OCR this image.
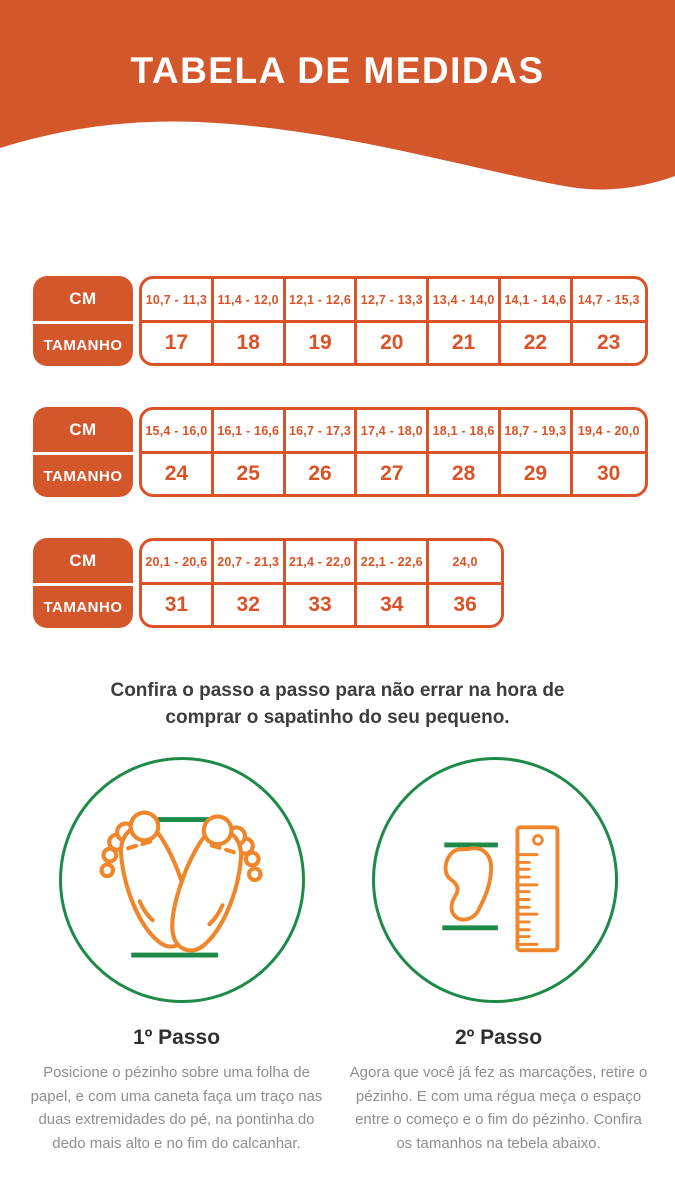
TABELA DE MEDIDAS
CM
TAMANHO
10,7 - 11,3 11,4 - 12,0 12,1 - 12,6 12,7 - 13,3 13,4 - 14,0 14,1 - 14,6 14,7 - 15,3
17	18	19	20	21	22	23
CM
TAMANHO
15,4 - 16,0 16,1 - 16,6 16,7 - 17,3 17,4 - 18,0 18,1 - 18,6 18,7 - 19,3 19,4 - 20,0
24	25	26	27	28	29	30
CM
TAMANHO
20,1 - 20,6 20,7 - 21,3 21,4 - 22,0 22,1 - 22,6	24,0
31	32	33	34	36
Confira o passo a passo para não errar na hora de comprar o sapatinho do seu pequeno.
1º Passo
Posicione o pézinho sobre uma folha de papel, e com uma caneta faça um traço nas duas extremidades do pé, na pontinha do dedo mais alto e no fim do calcanhar.
2º Passo
Agora que você já fez as marcações, retire o pézinho. E com uma régua meça o espaço entre o começo e o fim do pézinho. Confira os tamanhos na tebela abaixo.
